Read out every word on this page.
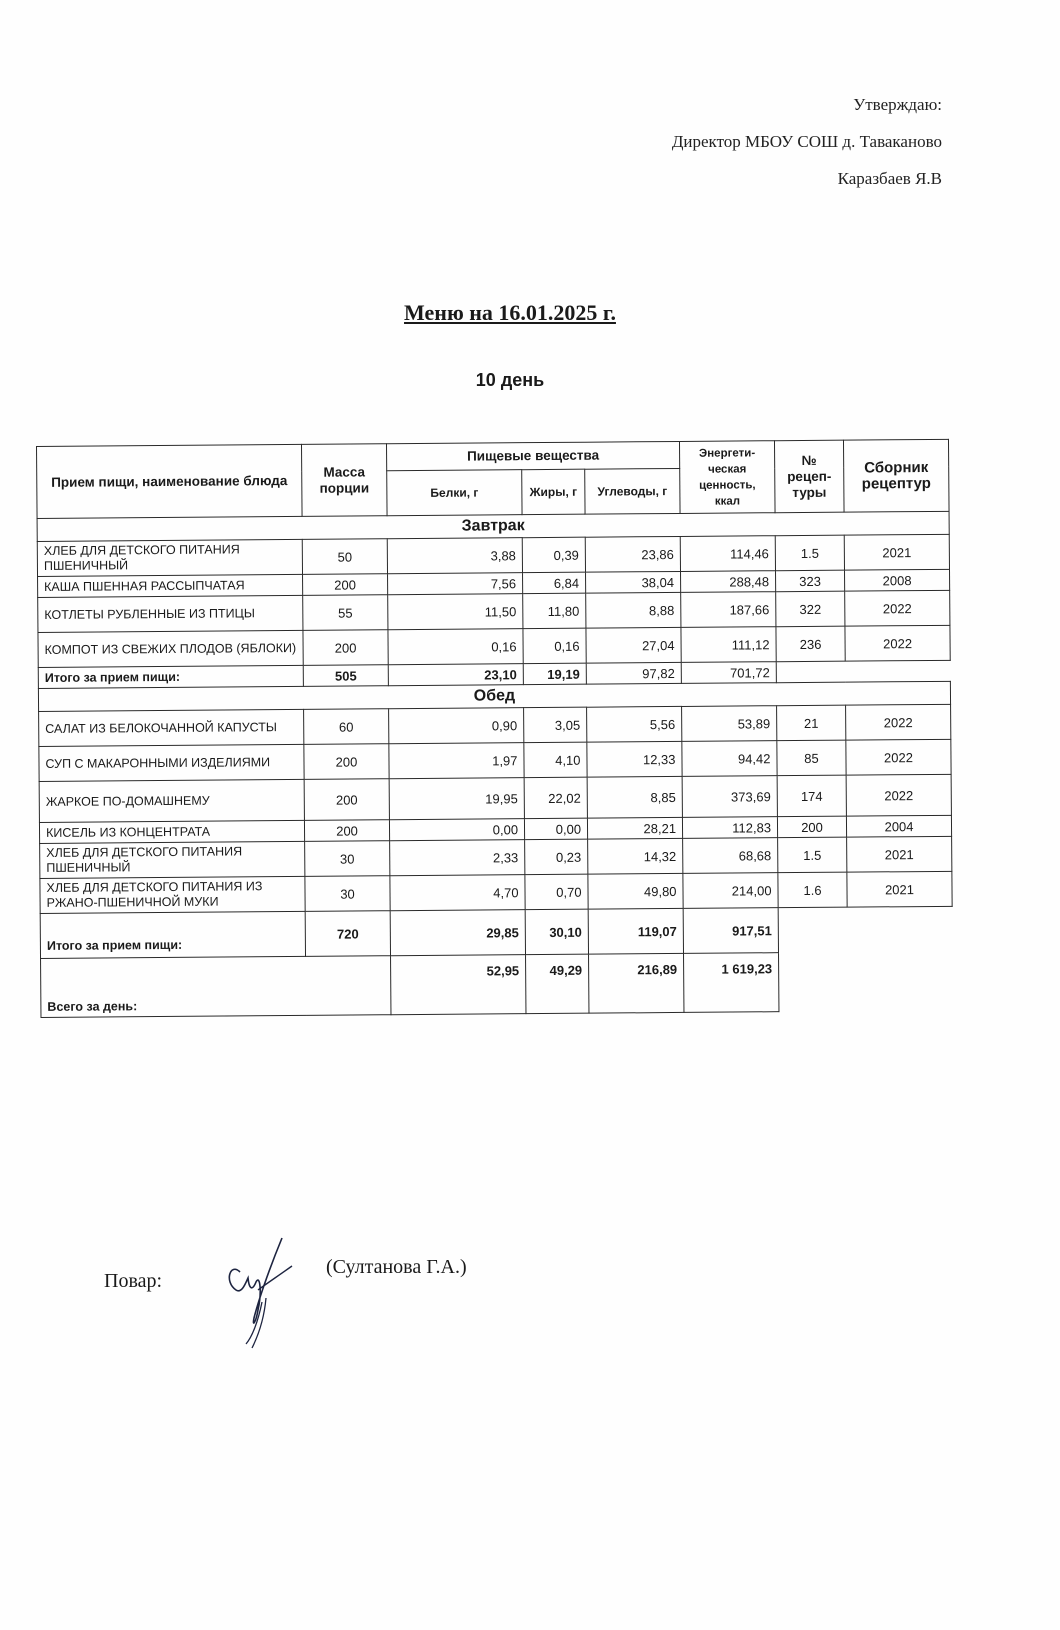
Утверждаю:
Директор МБОУ СОШ д. Таваканово
Каразбаев Я.В
Меню на 16.01.2025 г.
10 день
Прием пищи, наименование блюда	Масса порции	Пищевые вещества			Энергети-ческая ценность, ккал	№ рецеп-туры	Сборник рецептур
		Белки, г	Жиры, г	Углеводы, г			
Завтрак							
ХЛЕБ ДЛЯ ДЕТСКОГО ПИТАНИЯ ПШЕНИЧНЫЙ	50	3,88	0,39	23,86	114,46	1.5	2021
КАША ПШЕННАЯ РАССЫПЧАТАЯ	200	7,56	6,84	38,04	288,48	323	2008
КОТЛЕТЫ РУБЛЕННЫЕ ИЗ ПТИЦЫ	55	11,50	11,80	8,88	187,66	322	2022
КОМПОТ ИЗ СВЕЖИХ ПЛОДОВ (ЯБЛОКИ)	200	0,16	0,16	27,04	111,12	236	2022
Итого за прием пищи:	505	23,10	19,19	97,82	701,72		
Обед							
САЛАТ ИЗ БЕЛОКОЧАННОЙ КАПУСТЫ	60	0,90	3,05	5,56	53,89	21	2022
СУП С МАКАРОННЫМИ ИЗДЕЛИЯМИ	200	1,97	4,10	12,33	94,42	85	2022
ЖАРКОЕ ПО-ДОМАШНЕМУ	200	19,95	22,02	8,85	373,69	174	2022
КИСЕЛЬ ИЗ КОНЦЕНТРАТА	200	0,00	0,00	28,21	112,83	200	2004
ХЛЕБ ДЛЯ ДЕТСКОГО ПИТАНИЯ ПШЕНИЧНЫЙ	30	2,33	0,23	14,32	68,68	1.5	2021
ХЛЕБ ДЛЯ ДЕТСКОГО ПИТАНИЯ ИЗ РЖАНО-ПШЕНИЧНОЙ МУКИ	30	4,70	0,70	49,80	214,00	1.6	2021
Итого за прием пищи:	720	29,85	30,10	119,07	917,51		
Всего за день:		52,95	49,29	216,89	1 619,23		
Повар:
(Султанова Г.А.)
